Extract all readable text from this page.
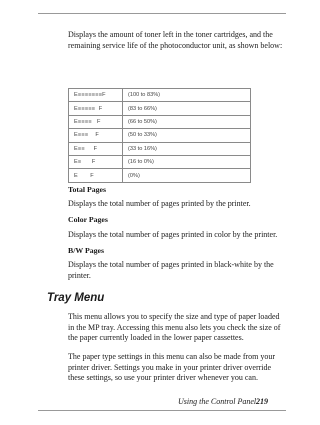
Displays the amount of toner left in the toner cartridges, and the remaining service life of the photoconductor unit, as shown below:

E≡≡≡≡≡≡≡F	(100 to 83%)
E≡≡≡≡≡  F	(83 to 66%)
E≡≡≡≡   F	(66 to 50%)
E≡≡≡    F	(50 to 33%)
E≡≡     F	(33 to 16%)
E≡      F	(16 to 0%)
E       F	(0%)

Total Pages

Displays the total number of pages printed by the printer.

Color Pages

Displays the total number of pages printed in color by the printer.

B/W Pages

Displays the total number of pages printed in black-white by the printer.

Tray Menu

This menu allows you to specify the size and type of paper loaded in the MP tray. Accessing this menu also lets you check the size of the paper currently loaded in the lower paper cassettes.

The paper type settings in this menu can also be made from your printer driver. Settings you make in your printer driver override these settings, so use your printer driver whenever you can.

Using the Control Panel 219
